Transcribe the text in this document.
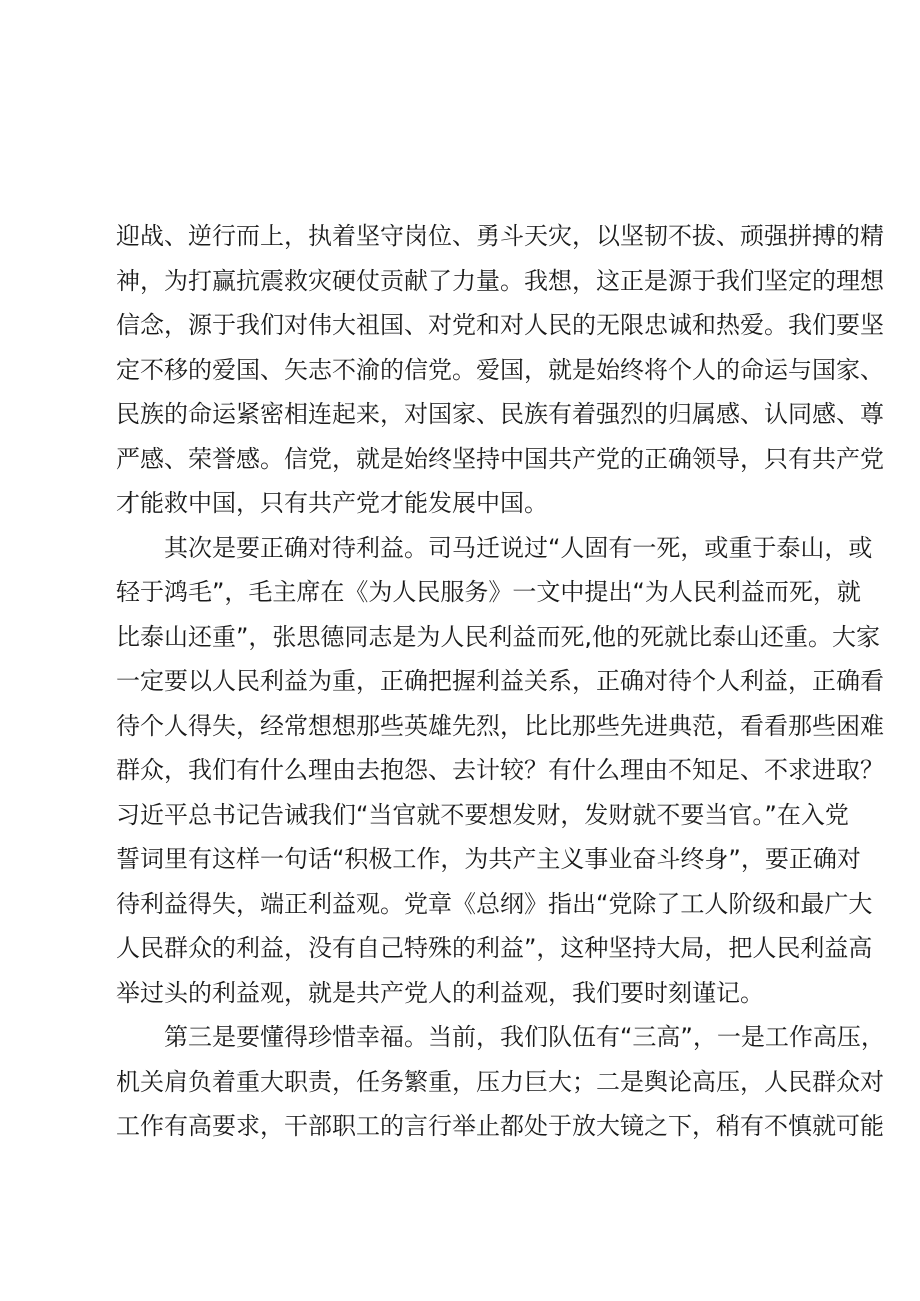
迎战、逆行而上，执着坚守岗位、勇斗天灾，以坚韧不拔、顽强拼搏的精
神，为打赢抗震救灾硬仗贡献了力量。我想，这正是源于我们坚定的理想
信念，源于我们对伟大祖国、对党和对人民的无限忠诚和热爱。我们要坚
定不移的爱国、矢志不渝的信党。爱国，就是始终将个人的命运与国家、
民族的命运紧密相连起来，对国家、民族有着强烈的归属感、认同感、尊
严感、荣誉感。信党，就是始终坚持中国共产党的正确领导，只有共产党
才能救中国，只有共产党才能发展中国。
　　其次是要正确对待利益。司马迁说过“人固有一死，或重于泰山，或
轻于鸿毛”，毛主席在《为人民服务》一文中提出“为人民利益而死，就
比泰山还重”，张思德同志是为人民利益而死,他的死就比泰山还重。大家
一定要以人民利益为重，正确把握利益关系，正确对待个人利益，正确看
待个人得失，经常想想那些英雄先烈，比比那些先进典范，看看那些困难
群众，我们有什么理由去抱怨、去计较？有什么理由不知足、不求进取？
习近平总书记告诫我们“当官就不要想发财，发财就不要当官。”在入党
誓词里有这样一句话“积极工作，为共产主义事业奋斗终身”，要正确对
待利益得失，端正利益观。党章《总纲》指出“党除了工人阶级和最广大
人民群众的利益，没有自己特殊的利益”，这种坚持大局，把人民利益高
举过头的利益观，就是共产党人的利益观，我们要时刻谨记。
　　第三是要懂得珍惜幸福。当前，我们队伍有“三高”，一是工作高压，
机关肩负着重大职责，任务繁重，压力巨大；二是舆论高压，人民群众对
工作有高要求，干部职工的言行举止都处于放大镜之下，稍有不慎就可能
